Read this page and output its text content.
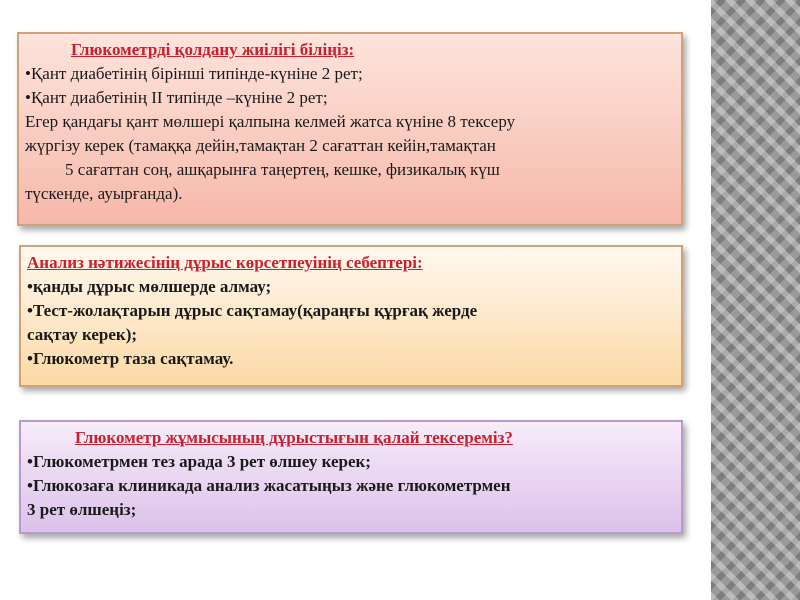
Глюкометрді қолдану жиілігі біліңіз:
•Қант диабетінің бірінші типінде-күніне 2 рет;
•Қант диабетінің II типінде –күніне 2 рет;
Егер қандағы қант мөлшері қалпына келмей жатса күніне 8 тексеру
жүргізу керек (тамаққа дейін,тамақтан 2 сағаттан кейін,тамақтан
5 сағаттан соң, ашқарынға таңертең, кешке, физикалық күш
түскенде, ауырғанда).
Анализ нәтижесінің дұрыс көрсетпеуінің себептері:
•қанды дұрыс мөлшерде алмау;
•Тест-жолақтарын дұрыс сақтамау(қараңғы құрғақ жерде
сақтау керек);
•Глюкометр таза сақтамау.
Глюкометр жұмысының дұрыстығын қалай тексереміз?
•Глюкометрмен тез арада 3 рет өлшеу керек;
•Глюкозаға клиникада анализ жасатыңыз және глюкометрмен
3 рет өлшеңіз;
